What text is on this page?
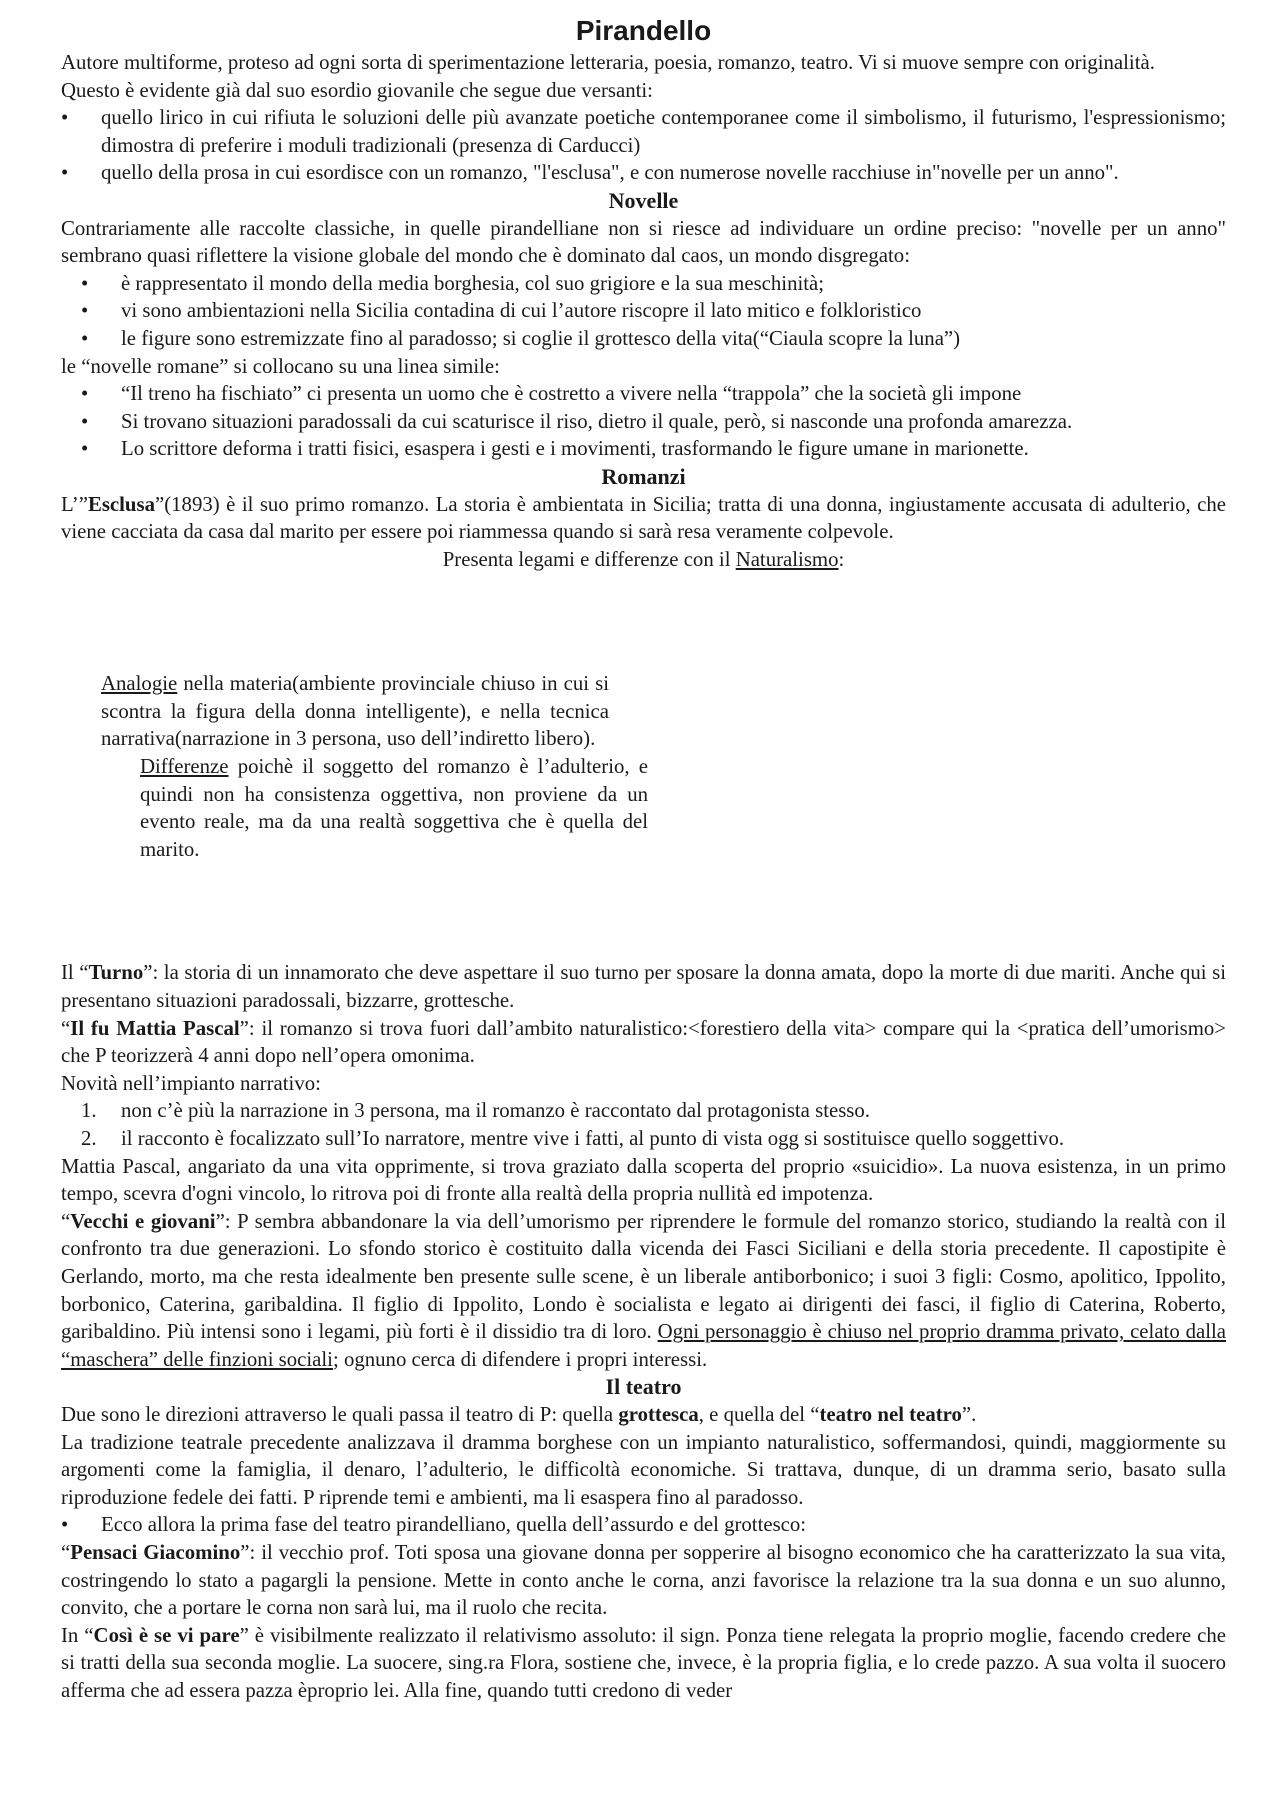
Pirandello

Autore multiforme, proteso ad ogni sorta di sperimentazione letteraria, poesia, romanzo, teatro. Vi si muove sempre con originalità.

Questo è evidente già dal suo esordio giovanile che segue due versanti:

• quello lirico in cui rifiuta le soluzioni delle più avanzate poetiche contemporanee come il simbolismo, il futurismo, l'espressionismo; dimostra di preferire i moduli tradizionali (presenza di Carducci)
• quello della prosa in cui esordisce con un romanzo, "l'esclusa", e con numerose novelle racchiuse in"novelle per un anno".
Novelle

Contrariamente alle raccolte classiche, in quelle pirandelliane non si riesce ad individuare un ordine preciso: "novelle per un anno" sembrano quasi riflettere la visione globale del mondo che è dominato dal caos, un mondo disgregato:

• è rappresentato il mondo della media borghesia, col suo grigiore e la sua meschinità;
• vi sono ambientazioni nella Sicilia contadina di cui l’autore riscopre il lato mitico e folkloristico
• le figure sono estremizzate fino al paradosso; si coglie il grottesco della vita(“Ciaula scopre la luna”)

le “novelle romane” si collocano su una linea simile:

• “Il treno ha fischiato” ci presenta un uomo che è costretto a vivere nella “trappola” che la società gli impone
• Si trovano situazioni paradossali da cui scaturisce il riso, dietro il quale, però, si nasconde una profonda amarezza.
• Lo scrittore deforma i tratti fisici, esaspera i gesti e i movimenti, trasformando le figure umane in marionette.
Romanzi

L’”Esclusa”(1893) è il suo primo romanzo. La storia è ambientata in Sicilia; tratta di una donna, ingiustamente accusata di adulterio, che viene cacciata da casa dal marito per essere poi riammessa quando si sarà resa veramente colpevole.

Presenta legami e differenze con il Naturalismo:

Analogie nella materia(ambiente provinciale chiuso in cui si scontra la figura della donna intelligente), e nella tecnica narrativa(narrazione in 3 persona, uso dell’indiretto libero).

Differenze poichè il soggetto del romanzo è l’adulterio, e quindi non ha consistenza oggettiva, non proviene da un evento reale, ma da una realtà soggettiva che è quella del marito.

Il “Turno”: la storia di un innamorato che deve aspettare il suo turno per sposare la donna amata, dopo la morte di due mariti. Anche qui si presentano situazioni paradossali, bizzarre, grottesche.

“Il fu Mattia Pascal”: il romanzo si trova fuori dall’ambito naturalistico:<forestiero della vita> compare qui la <pratica dell’umorismo> che P teorizzerà 4 anni dopo nell’opera omonima.

Novità nell’impianto narrativo:

1. non c’è più la narrazione in 3 persona, ma il romanzo è raccontato dal protagonista stesso.
2. il racconto è focalizzato sull’Io narratore, mentre vive i fatti, al punto di vista ogg si sostituisce quello soggettivo.

Mattia Pascal, angariato da una vita opprimente, si trova graziato dalla scoperta del proprio «suicidio». La nuova esistenza, in un primo tempo, scevra d'ogni vincolo, lo ritrova poi di fronte alla realtà della propria nullità ed impotenza.

“Vecchi e giovani”: P sembra abbandonare la via dell’umorismo per riprendere le formule del romanzo storico, studiando la realtà con il confronto tra due generazioni. Lo sfondo storico è costituito dalla vicenda dei Fasci Siciliani e della storia precedente. Il capostipite è Gerlando, morto, ma che resta idealmente ben presente sulle scene, è un liberale antiborbonico; i suoi 3 figli: Cosmo, apolitico, Ippolito, borbonico, Caterina, garibaldina. Il figlio di Ippolito, Londo è socialista e legato ai dirigenti dei fasci, il figlio di Caterina, Roberto, garibaldino. Più intensi sono i legami, più forti è il dissidio tra di loro. Ogni personaggio è chiuso nel proprio dramma privato, celato dalla “maschera” delle finzioni sociali; ognuno cerca di difendere i propri interessi.

Il teatro

Due sono le direzioni attraverso le quali passa il teatro di P: quella grottesca, e quella del “teatro nel teatro”.

La tradizione teatrale precedente analizzava il dramma borghese con un impianto naturalistico, soffermandosi, quindi, maggiormente su argomenti come la famiglia, il denaro, l’adulterio, le difficoltà economiche. Si trattava, dunque, di un dramma serio, basato sulla riproduzione fedele dei fatti. P riprende temi e ambienti, ma li esaspera fino al paradosso.

• Ecco allora la prima fase del teatro pirandelliano, quella dell’assurdo e del grottesco:

“Pensaci Giacomino”: il vecchio prof. Toti sposa una giovane donna per sopperire al bisogno economico che ha caratterizzato la sua vita, costringendo lo stato a pagargli la pensione. Mette in conto anche le corna, anzi favorisce la relazione tra la sua donna e un suo alunno, convito, che a portare le corna non sarà lui, ma il ruolo che recita.

In “Così è se vi pare” è visibilmente realizzato il relativismo assoluto: il sign. Ponza tiene relegata la proprio moglie, facendo credere che si tratti della sua seconda moglie. La suocere, sing.ra Flora, sostiene che, invece, è la propria figlia, e lo crede pazzo. A sua volta il suocero afferma che ad essera pazza èproprio lei. Alla fine, quando tutti credono di veder
